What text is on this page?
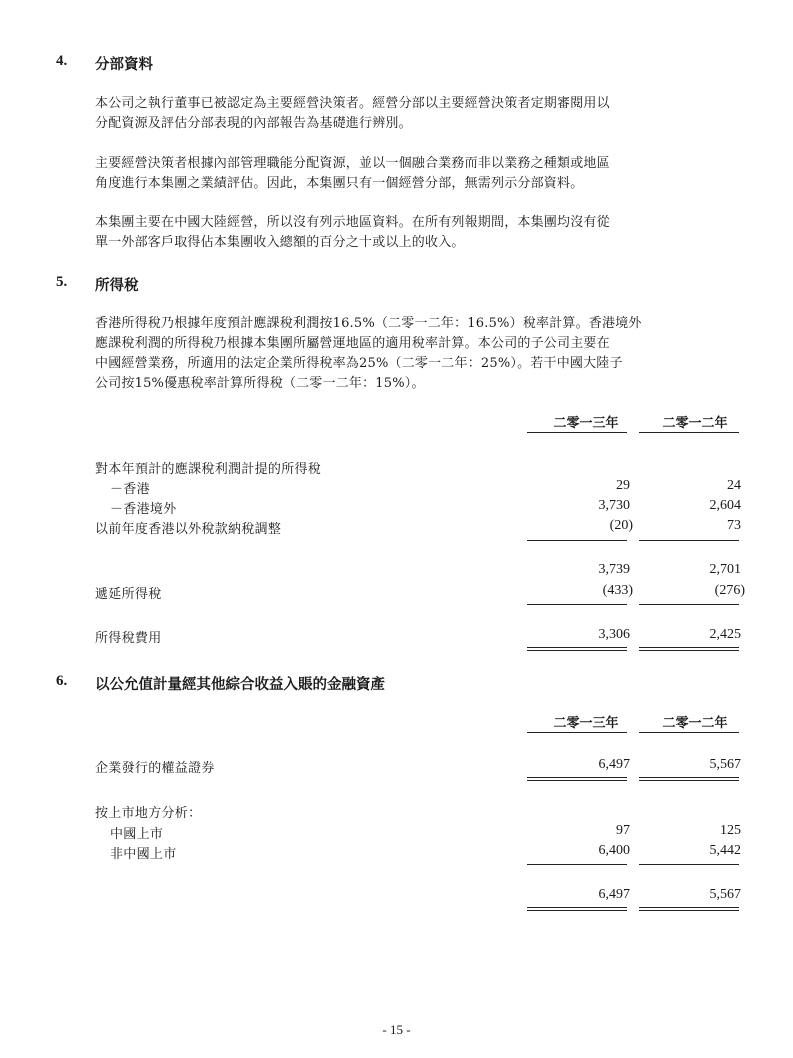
4. 分部資料
本公司之執行董事已被認定為主要經營決策者。經營分部以主要經營決策者定期審閱用以
分配資源及評估分部表現的內部報告為基礎進行辨別。
主要經營決策者根據內部管理職能分配資源，並以一個融合業務而非以業務之種類或地區
角度進行本集團之業績評估。因此，本集團只有一個經營分部，無需列示分部資料。
本集團主要在中國大陸經營，所以沒有列示地區資料。在所有列報期間，本集團均沒有從
單一外部客戶取得佔本集團收入總額的百分之十或以上的收入。
5. 所得稅
香港所得稅乃根據年度預計應課稅利潤按16.5%（二零一二年：16.5%）稅率計算。香港境外
應課稅利潤的所得稅乃根據本集團所屬營運地區的適用稅率計算。本公司的子公司主要在
中國經營業務，所適用的法定企業所得稅率為25%（二零一二年：25%）。若干中國大陸子
公司按15%優惠稅率計算所得稅（二零一二年：15%）。
二零一三年	二零一二年
對本年預計的應課稅利潤計提的所得稅
－香港	29	24
－香港境外	3,730	2,604
以前年度香港以外稅款納稅調整	(20)	73
3,739	2,701
遞延所得稅	(433)	(276)
所得稅費用	3,306	2,425
6. 以公允值計量經其他綜合收益入賬的金融資產
二零一三年	二零一二年
企業發行的權益證券	6,497	5,567
按上市地方分析：
中國上市	97	125
非中國上市	6,400	5,442
6,497	5,567
- 15 -
